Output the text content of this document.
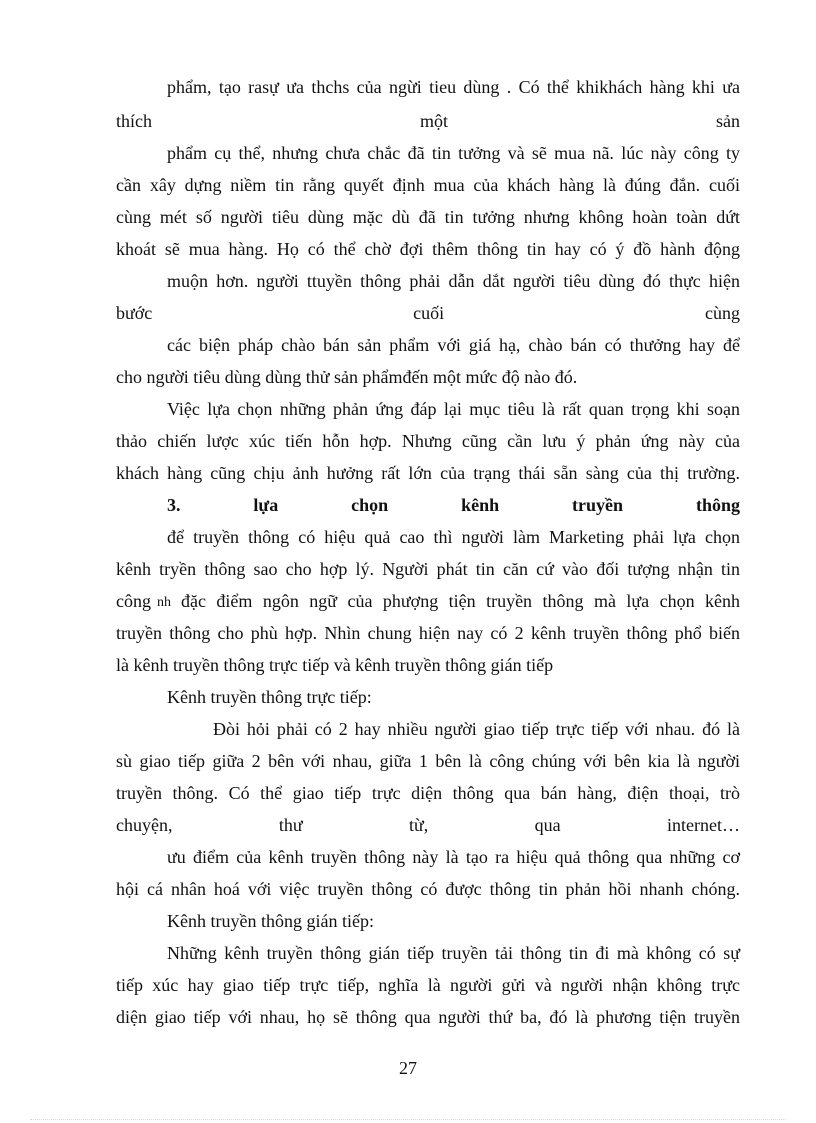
phẩm, tạo rasự ưa thchs của ngừi tieu dùng . Có thể khikhách hàng khi ưa
thích	một	sản
phẩm cụ thể, nhưng chưa chắc đã tin tưởng và sẽ mua nã. lúc này công ty
cần xây dựng niềm tin rằng quyết định mua của khách hàng là đúng đắn. cuối
cùng mét số người tiêu dùng mặc dù đã tin tưởng nhưng không hoàn toàn dứt
khoát sẽ mua hàng. Họ có thể chờ đợi thêm thông tin hay có ý đồ hành động
muộn hơn. người ttuyền thông phải dẫn dắt người tiêu dùng đó thực hiện
bước	cuối	cùng
các biện pháp chào bán sản phẩm với giá hạ, chào bán có thưởng hay để
cho người tiêu dùng dùng thử sản phẩmđến một mức độ nào đó.
Việc lựa chọn những phản ứng đáp lại mục tiêu là rất quan trọng khi soạn
thảo chiến lược xúc tiến hỗn hợp. Nhưng cũng cần lưu ý phản ứng này của
khách hàng cũng chịu ảnh hưởng rất lớn của trạng thái sẵn sàng của thị trường.
3.	lựa	chọn	kênh	truyền	thông
để truyền thông có hiệu quả cao thì người làm Marketing phải lựa chọn
kênh tryền thông sao cho hợp lý. Người phát tin căn cứ vào đối tượng nhận tin
công nh đặc điểm ngôn ngữ của phượng tiện truyền thông mà lựa chọn kênh
truyền thông cho phù hợp. Nhìn chung hiện nay có 2 kênh truyền thông phổ biến
là kênh truyền thông trực tiếp và kênh truyền thông gián tiếp
Kênh truyền thông trực tiếp:
Đòi hỏi phải có 2 hay nhiều người giao tiếp trực tiếp với nhau. đó là
sù giao tiếp giữa 2 bên với nhau, giữa 1 bên là công chúng với bên kia là người
truyền thông. Có thể giao tiếp trực diện thông qua bán hàng, điện thoại, trò
chuyện,	thư	từ,	qua	internet…
ưu điểm của kênh truyền thông này là tạo ra hiệu quả thông qua những cơ
hội cá nhân hoá với việc truyền thông có được thông tin phản hồi nhanh chóng.
Kênh truyền thông gián tiếp:
Những kênh truyền thông gián tiếp truyền tải thông tin đi mà không có sự
tiếp xúc hay giao tiếp trực tiếp, nghĩa là người gửi và người nhận không trực
diện giao tiếp với nhau, họ sẽ thông qua người thứ ba, đó là phương tiện truyền
27
